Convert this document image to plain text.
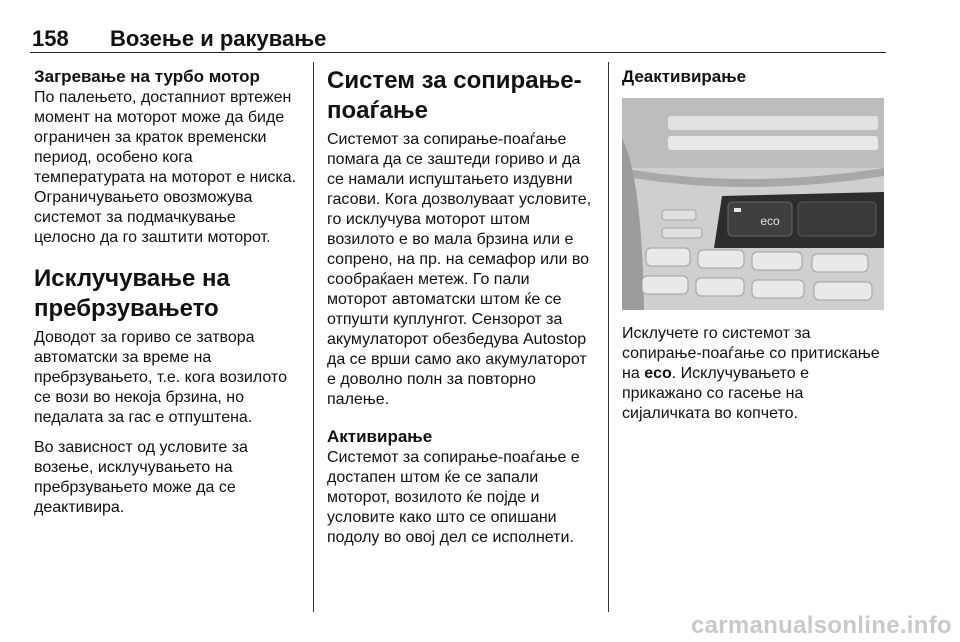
158 Возење и ракување

Загревање на турбо мотор

По палењето, достапниот вртежен

момент на моторот може да биде

ограничен за краток временски

период, особено кога

температурата на моторот е ниска.

Ограничувањето овозможува

системот за подмачкување

целосно да го заштити моторот.

Исклучување на

пребрзувањето

Доводот за гориво се затвора

автоматски за време на

пребрзувањето, т.е. кога возилото

се вози во некоја брзина, но

педалата за гас е отпуштена.

Во зависност од условите за

возење, исклучувањето на

пребрзувањето може да се

деактивира.

Систем за сопирање-

поаѓање

Системот за сопирање-поаѓање

помага да се заштеди гориво и да

се намали испуштањето издувни

гасови. Кога дозволуваат условите,

го исклучува моторот штом

возилото е во мала брзина или е

сопрено, на пр. на семафор или во

сообраќаен метеж. Го пали

моторот автоматски штом ќе се

отпушти куплунгот. Сензорот за

акумулаторот обезбедува Autostop

да се врши само ако акумулаторот

е доволно полн за повторно

палење.

Активирање

Системот за сопирање-поаѓање е

достапен штом ќе се запали

моторот, возилото ќе појде и

условите како што се опишани

подолу во овој дел се исполнети.

Деактивирање

eco

Исклучете го системот за

сопирање-поаѓање со притискање

на eco. Исклучувањето е

прикажано со гасење на

сијаличката во копчето.

carmanualsonline.info
